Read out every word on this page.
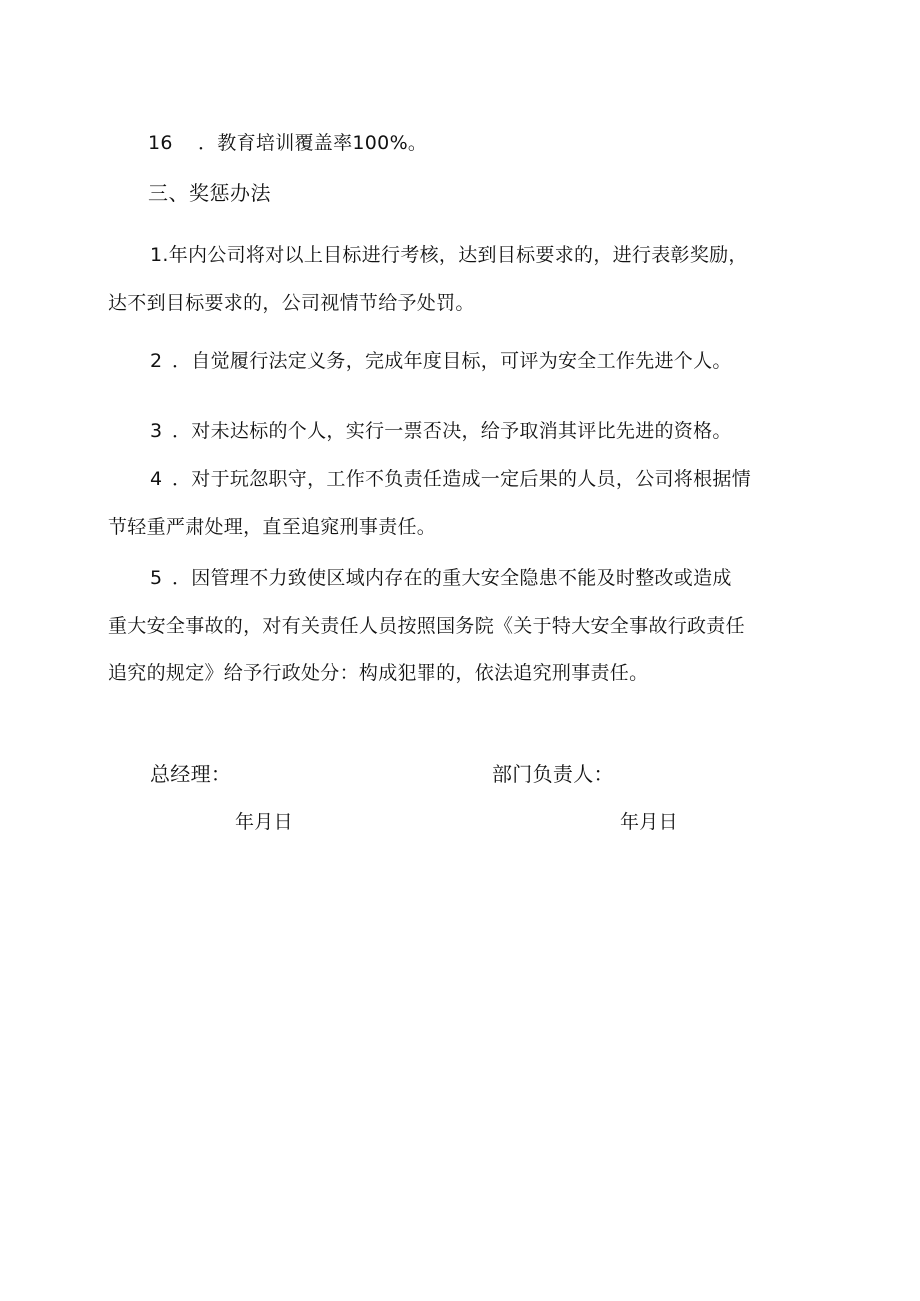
16 ．教育培训覆盖率100%。
三、奖惩办法
1.年内公司将对以上目标进行考核，达到目标要求的，进行表彰奖励，
达不到目标要求的，公司视情节给予处罚。
2 ．自觉履行法定义务，完成年度目标，可评为安全工作先进个人。
3 ．对未达标的个人，实行一票否决，给予取消其评比先进的资格。
4 ．对于玩忽职守，工作不负责任造成一定后果的人员，公司将根据情
节轻重严肃处理，直至追窕刑事责任。
5 ．因管理不力致使区域内存在的重大安全隐患不能及时整改或造成
重大安全事故的，对有关责任人员按照国务院《关于特大安全事故行政责任
追究的规定》给予行政处分：构成犯罪的，依法追究刑事责任。
总经理：	部门负责人：
年月日	年月日
